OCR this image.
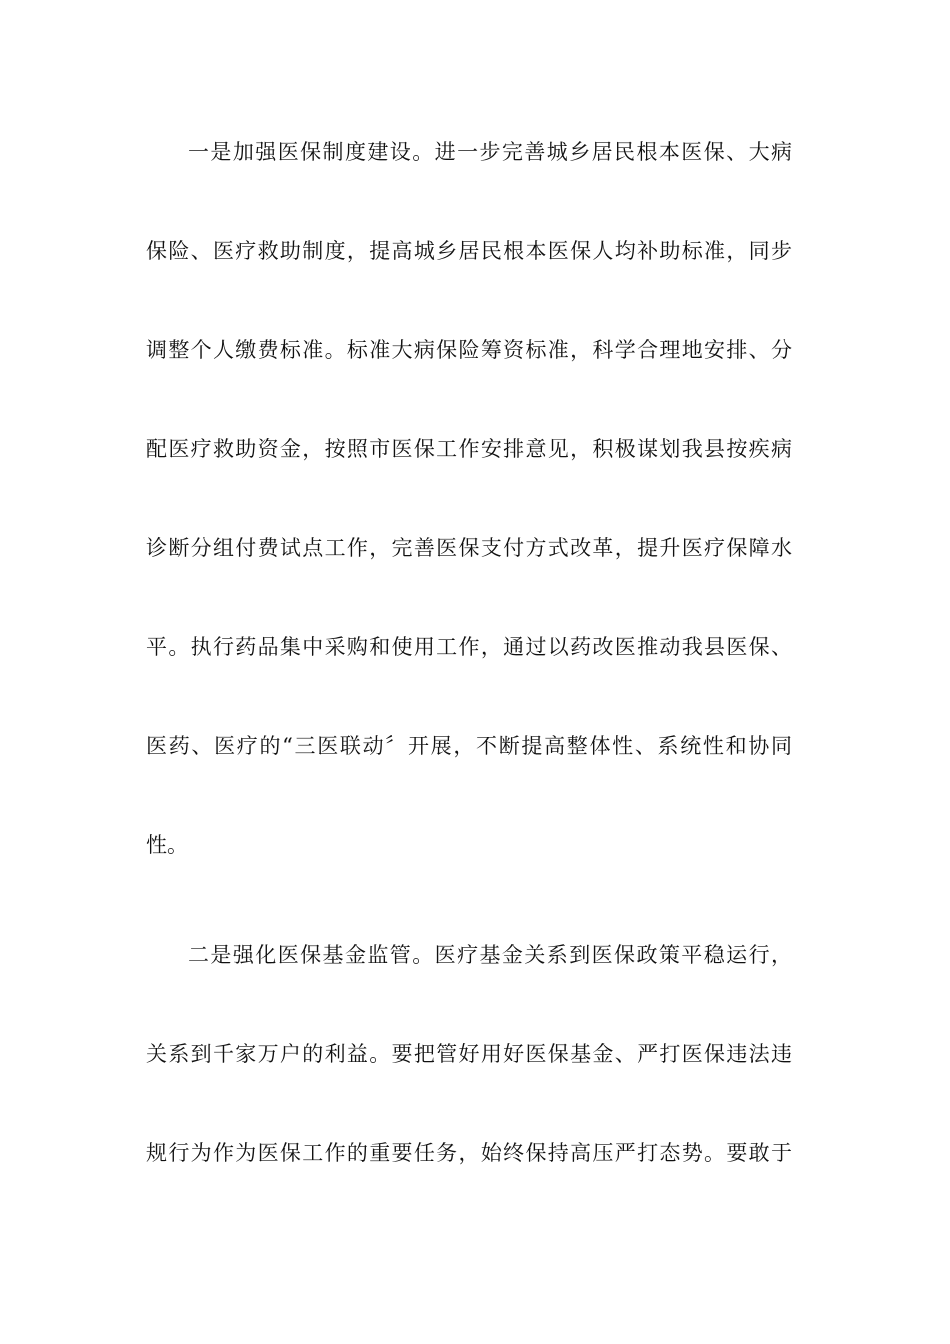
一是加强医保制度建设。进一步完善城乡居民根本医保、大病
保险、医疗救助制度，提高城乡居民根本医保人均补助标准，同步
调整个人缴费标准。标准大病保险筹资标准，科学合理地安排、分
配医疗救助资金，按照市医保工作安排意见，积极谋划我县按疾病
诊断分组付费试点工作，完善医保支付方式改革，提升医疗保障水
平。执行药品集中采购和使用工作，通过以药改医推动我县医保、
医药、医疗的“三医联动〞开展，不断提高整体性、系统性和协同
性。
二是强化医保基金监管。医疗基金关系到医保政策平稳运行，
关系到千家万户的利益。要把管好用好医保基金、严打医保违法违
规行为作为医保工作的重要任务，始终保持高压严打态势。要敢于
